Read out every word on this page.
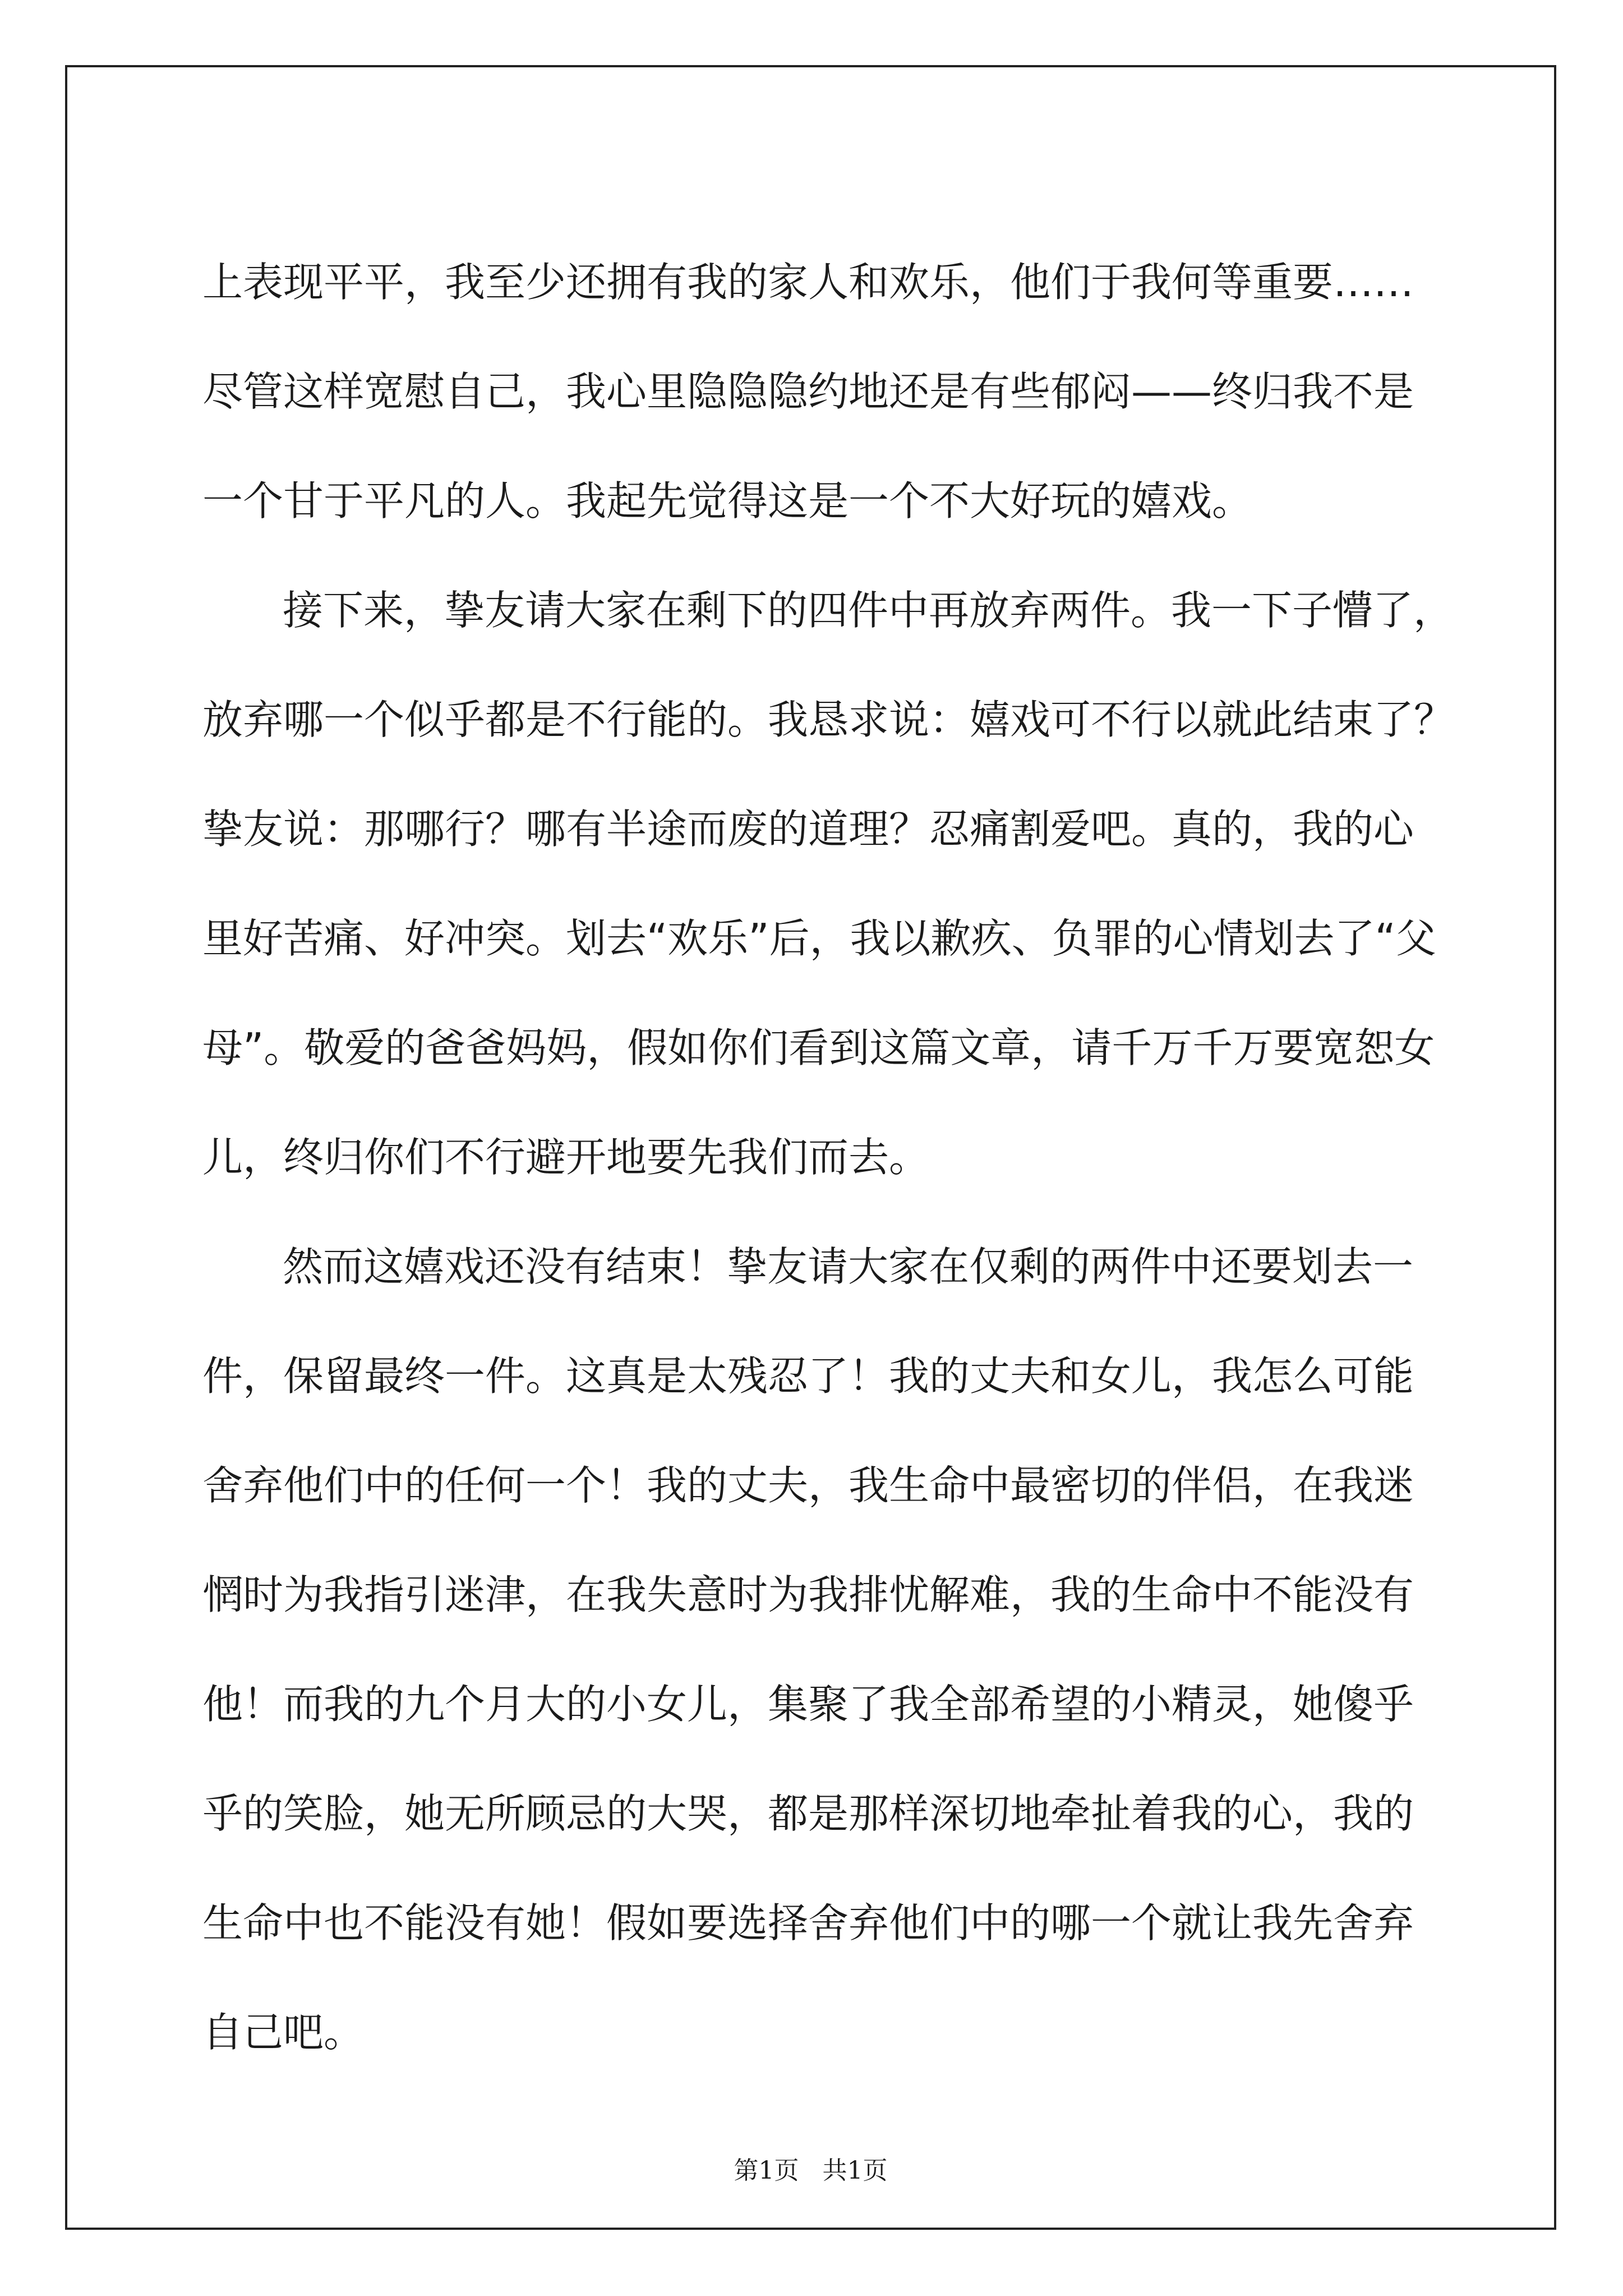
上表现平平，我至少还拥有我的家人和欢乐，他们于我何等重要……
尽管这样宽慰自己，我心里隐隐隐约地还是有些郁闷——终归我不是
一个甘于平凡的人。我起先觉得这是一个不大好玩的嬉戏。
接下来，挚友请大家在剩下的四件中再放弃两件。我一下子懵了，
放弃哪一个似乎都是不行能的。我恳求说：嬉戏可不行以就此结束了？
挚友说：那哪行？哪有半途而废的道理？忍痛割爱吧。真的，我的心
里好苦痛、好冲突。划去“欢乐”后，我以歉疚、负罪的心情划去了“父
母”。敬爱的爸爸妈妈，假如你们看到这篇文章，请千万千万要宽恕女
儿，终归你们不行避开地要先我们而去。
然而这嬉戏还没有结束！挚友请大家在仅剩的两件中还要划去一
件，保留最终一件。这真是太残忍了！我的丈夫和女儿，我怎么可能
舍弃他们中的任何一个！我的丈夫，我生命中最密切的伴侣，在我迷
惘时为我指引迷津，在我失意时为我排忧解难，我的生命中不能没有
他！而我的九个月大的小女儿，集聚了我全部希望的小精灵，她傻乎
乎的笑脸，她无所顾忌的大哭，都是那样深切地牵扯着我的心，我的
生命中也不能没有她！假如要选择舍弃他们中的哪一个就让我先舍弃
自己吧。
第1页   共1页
